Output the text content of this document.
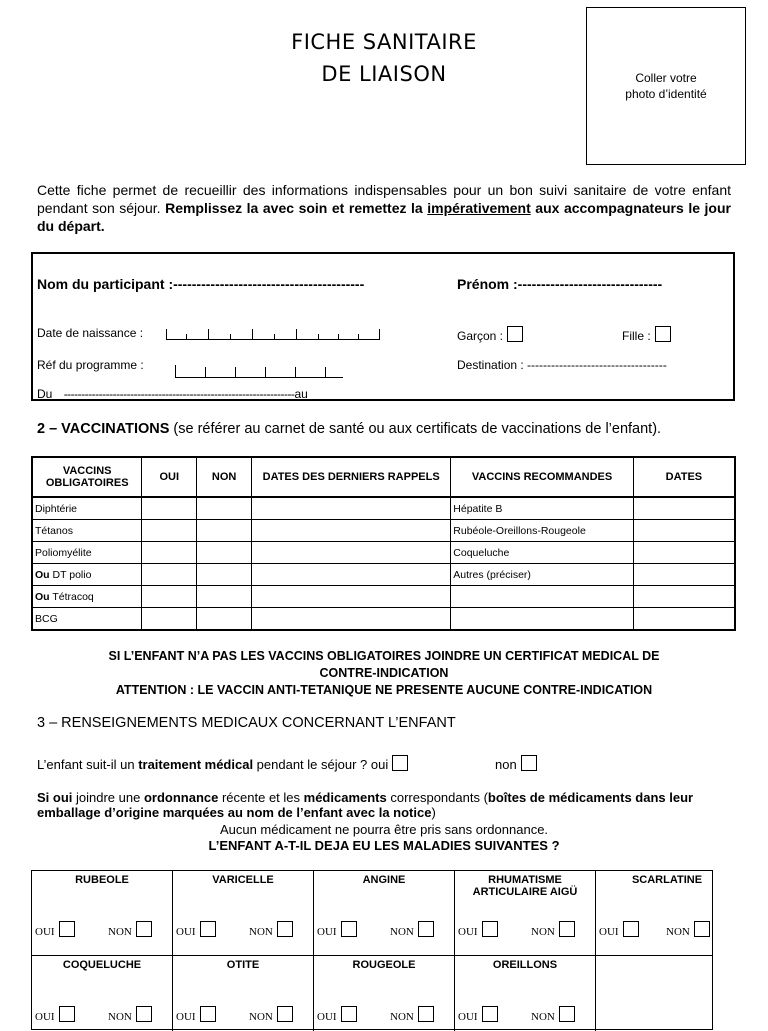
FICHE SANITAIRE
DE LIAISON	Coller votre
photo d’identité
Cette fiche permet de recueillir des informations indispensables pour un bon suivi sanitaire de votre enfant pendant son séjour. Remplissez la avec soin et remettez la impérativement aux accompagnateurs le jour du départ.
Nom du participant :-----------------------------------------	Prénom :-------------------------------
Date de naissance :	Garçon :	Fille :
Réf du programme :	Destination : -----------------------------------
Du ------------------------------------------------------------------au
2 – VACCINATIONS (se référer au carnet de santé ou aux certificats de vaccinations de l’enfant).
VACCINS OBLIGATOIRES	OUI	NON	DATES DES DERNIERS RAPPELS	VACCINS RECOMMANDES	DATES
Diphtérie				Hépatite B	
Tétanos				Rubéole-Oreillons-Rougeole	
Poliomyélite				Coqueluche	
Ou DT polio				Autres (préciser)	
Ou Tétracoq					
BCG					
SI L’ENFANT N’A PAS LES VACCINS OBLIGATOIRES JOINDRE UN CERTIFICAT MEDICAL DE
CONTRE-INDICATION
ATTENTION : LE VACCIN ANTI-TETANIQUE NE PRESENTE AUCUNE CONTRE-INDICATION
3 – RENSEIGNEMENTS MEDICAUX CONCERNANT L’ENFANT
L’enfant suit-il un traitement médical pendant le séjour ? oui	non
Si oui joindre une ordonnance récente et les médicaments correspondants (boîtes de médicaments dans leur emballage d’origine marquées au nom de l’enfant avec la notice)
Aucun médicament ne pourra être pris sans ordonnance.
L’ENFANT A-T-IL DEJA EU LES MALADIES SUIVANTES ?
RUBEOLE
OUI	NON
VARICELLE
OUI	NON
ANGINE
OUI	NON
RHUMATISME ARTICULAIRE AIGÜ
OUI	NON
SCARLATINE
OUI	NON
COQUELUCHE
OUI	NON
OTITE
OUI	NON
ROUGEOLE
OUI	NON
OREILLONS
OUI	NON
